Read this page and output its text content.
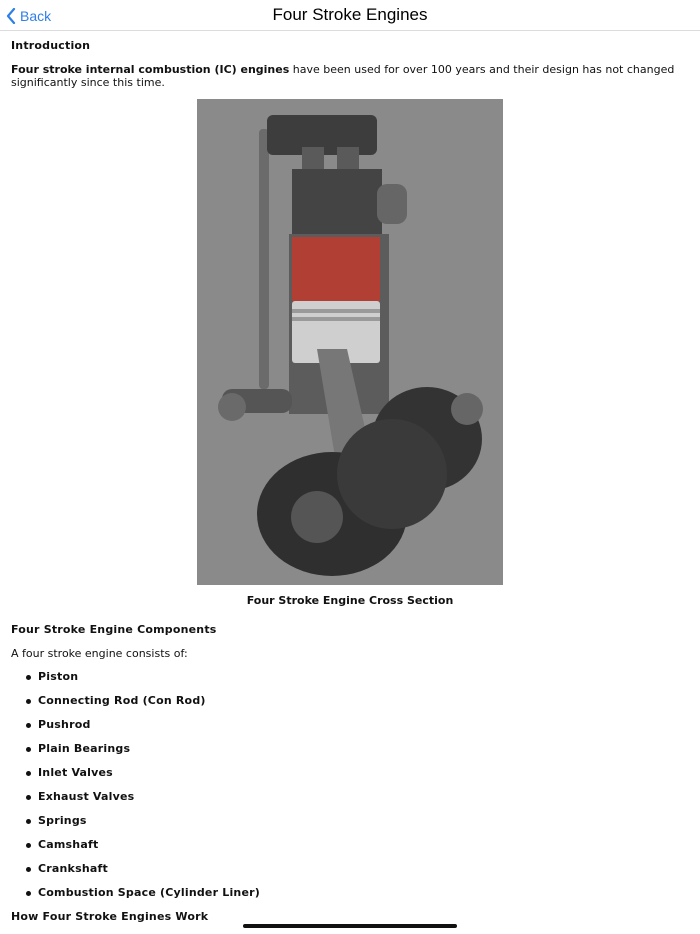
Back	Four Stroke Engines
Introduction

Four stroke internal combustion (IC) engines have been used for over 100 years and their design has not changed significantly since this time.

Four Stroke Engine Cross Section
Four Stroke Engine Components

A four stroke engine consists of:

Piston
Connecting Rod (Con Rod)
Pushrod
Plain Bearings
Inlet Valves
Exhaust Valves
Springs
Camshaft
Crankshaft
Combustion Space (Cylinder Liner)
How Four Stroke Engines Work
